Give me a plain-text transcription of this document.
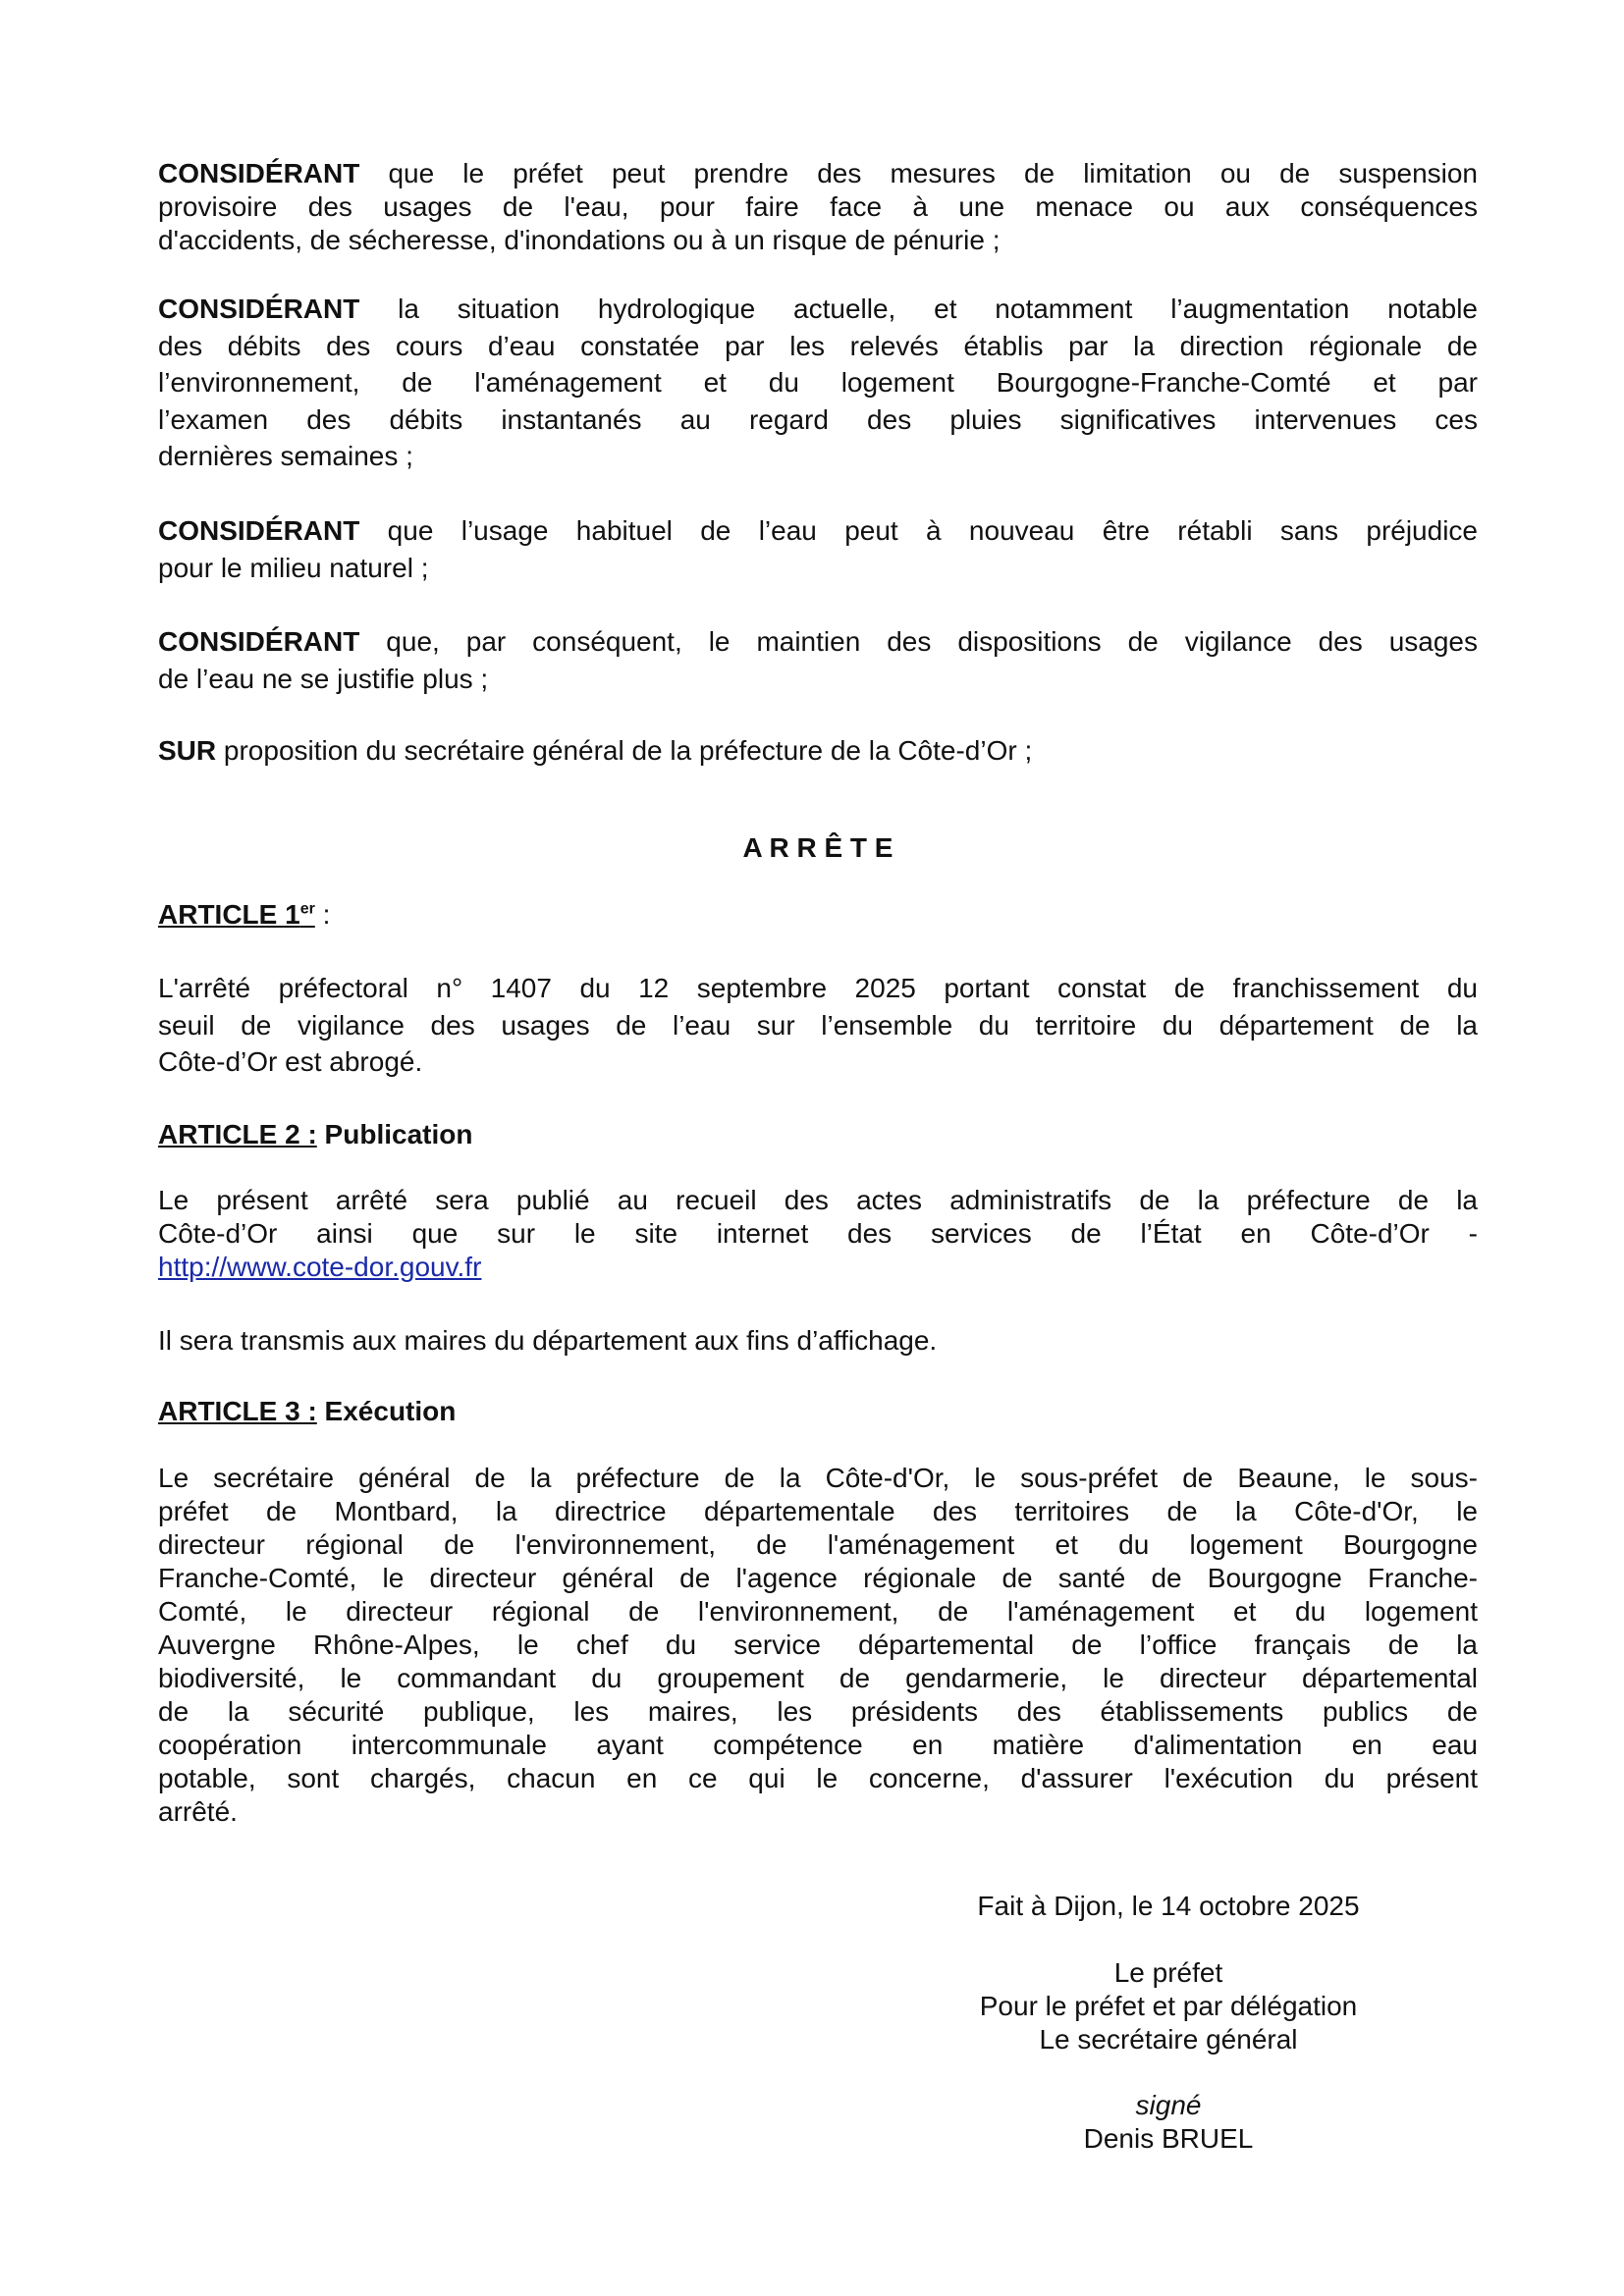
CONSIDÉRANT que le préfet peut prendre des mesures de limitation ou de suspension
provisoire des usages de l'eau, pour faire face à une menace ou aux conséquences
d'accidents, de sécheresse, d'inondations ou à un risque de pénurie ;
CONSIDÉRANT la situation hydrologique actuelle, et notamment l’augmentation notable
des débits des cours d’eau constatée par les relevés établis par la direction régionale de
l’environnement, de l'aménagement et du logement Bourgogne-Franche-Comté et par
l’examen des débits instantanés au regard des pluies significatives intervenues ces
dernières semaines ;
CONSIDÉRANT que l’usage habituel de l’eau peut à nouveau être rétabli sans préjudice
pour le milieu naturel ;
CONSIDÉRANT que, par conséquent, le maintien des dispositions de vigilance des usages
de l’eau ne se justifie plus ;
SUR proposition du secrétaire général de la préfecture de la Côte-d’Or ;
A R R Ê T E
ARTICLE 1er :
L'arrêté préfectoral n° 1407 du 12 septembre 2025 portant constat de franchissement du
seuil de vigilance des usages de l’eau sur l’ensemble du territoire du département de la
Côte-d’Or est abrogé.
ARTICLE 2 : Publication
Le présent arrêté sera publié au recueil des actes administratifs de la préfecture de la
Côte-d’Or ainsi que sur le site internet des services de l’État en Côte-d’Or -
http://www.cote-dor.gouv.fr
Il sera transmis aux maires du département aux fins d’affichage.
ARTICLE 3 : Exécution
Le secrétaire général de la préfecture de la Côte-d'Or, le sous-préfet de Beaune, le sous-
préfet de Montbard, la directrice départementale des territoires de la Côte-d'Or, le
directeur régional de l'environnement, de l'aménagement et du logement Bourgogne
Franche-Comté, le directeur général de l'agence régionale de santé de Bourgogne Franche-
Comté, le directeur régional de l'environnement, de l'aménagement et du logement
Auvergne Rhône-Alpes, le chef du service départemental de l’office français de la
biodiversité, le commandant du groupement de gendarmerie, le directeur départemental
de la sécurité publique, les maires, les présidents des établissements publics de
coopération intercommunale ayant compétence en matière d'alimentation en eau
potable, sont chargés, chacun en ce qui le concerne, d'assurer l'exécution du présent
arrêté.
Fait à Dijon, le 14 octobre 2025
Le préfet
Pour le préfet et par délégation
Le secrétaire général
signé
Denis BRUEL
